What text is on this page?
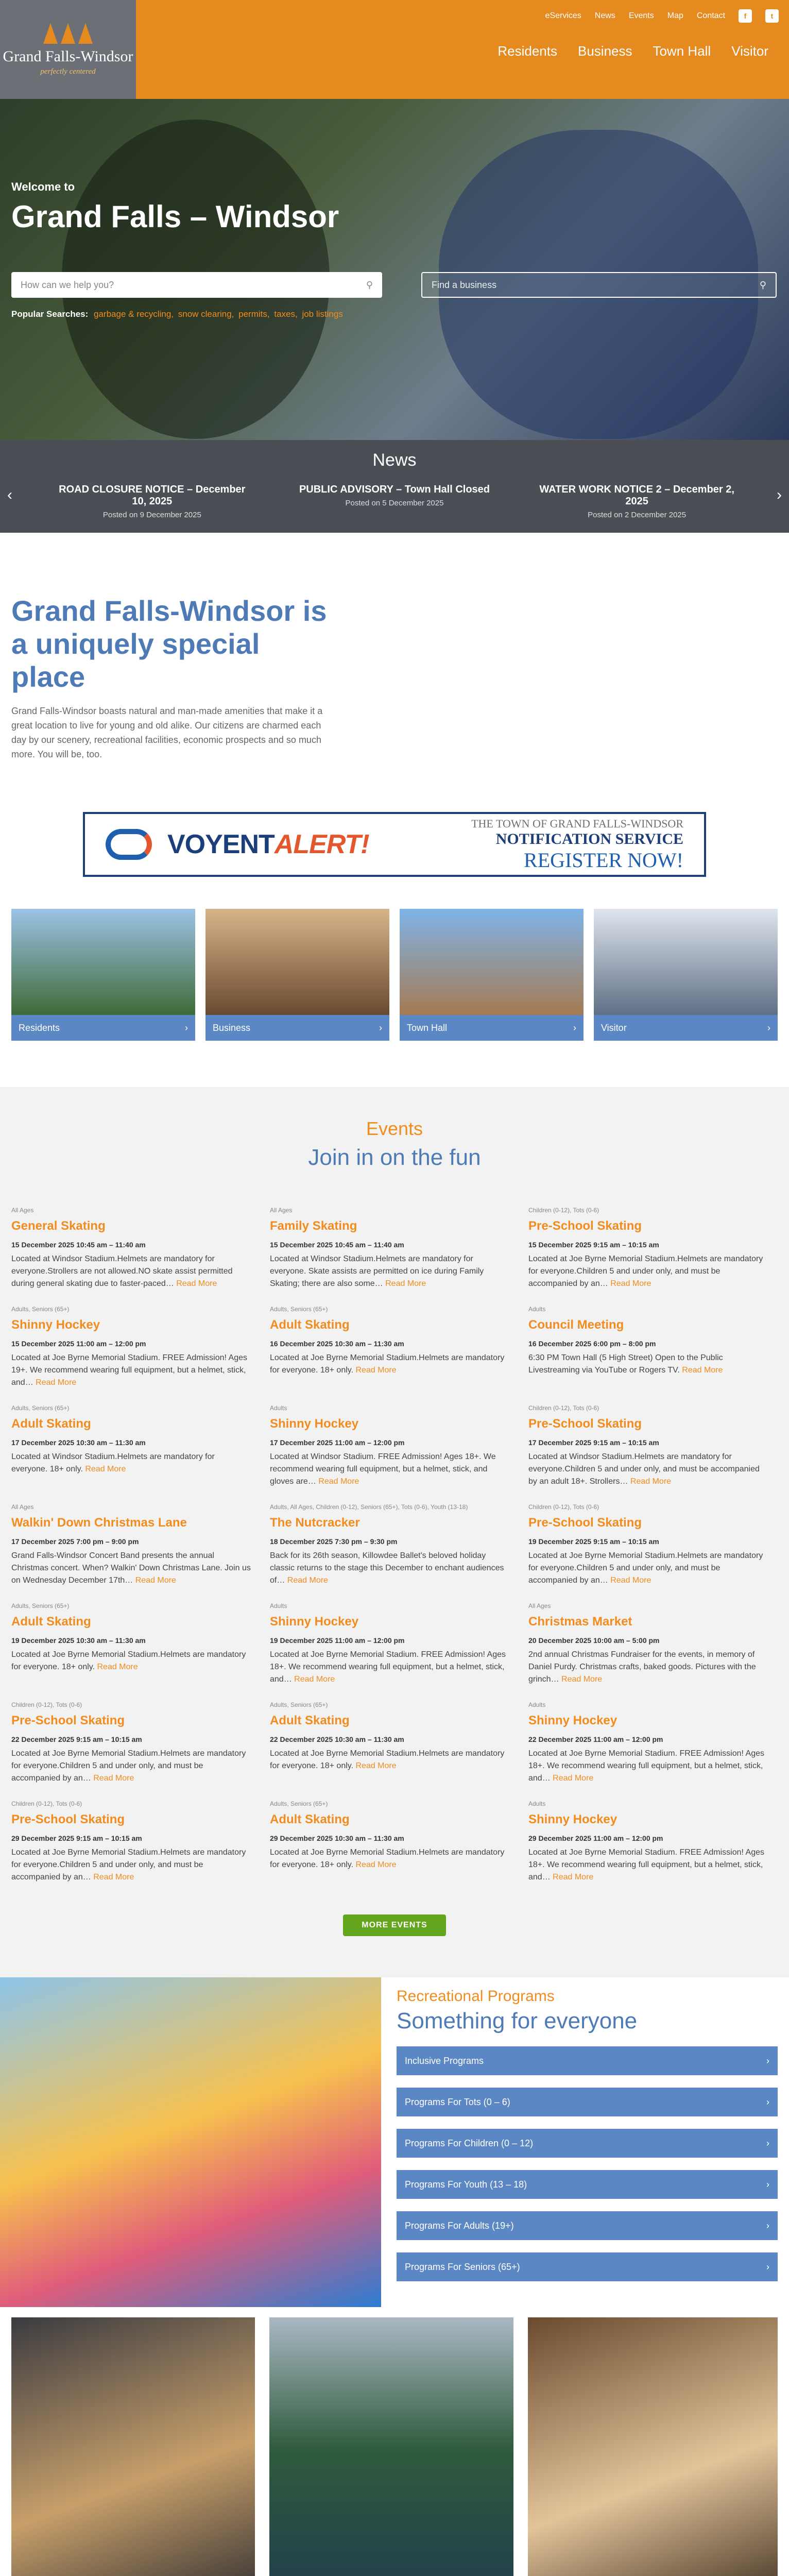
Grand Falls-Windsor
perfectly centered
eServices News Events Map Contact	f	t
Residents Business Town Hall Visitor
Welcome to
Grand Falls – Windsor
How can we help you?	⚲	Find a business	⚲
Popular Searches: garbage & recycling, snow clearing, permits, taxes, job listings
News
‹	›
ROAD CLOSURE NOTICE – December 10, 2025

Posted on 9 December 2025

PUBLIC ADVISORY – Town Hall Closed

Posted on 5 December 2025

WATER WORK NOTICE 2 – December 2, 2025

Posted on 2 December 2025

Grand Falls-Windsor is a uniquely special place

Grand Falls-Windsor boasts natural and man-made amenities that make it a great location to live for young and old alike. Our citizens are charmed each day by our scenery, recreational facilities, economic prospects and so much more. You will be, too.

VOYENTALERT!
THE TOWN OF GRAND FALLS-WINDSOR
NOTIFICATION SERVICE
REGISTER NOW!
Residents	›	Business	›	Town Hall	›	Visitor	›
Events
Join in on the fun
All Ages
General Skating
15 December 2025 10:45 am – 11:40 am
Located at Windsor Stadium.Helmets are mandatory for everyone.Strollers are not allowed.NO skate assist permitted during general skating due to faster-paced… Read More
All Ages
Family Skating
15 December 2025 10:45 am – 11:40 am
Located at Windsor Stadium.Helmets are mandatory for everyone. Skate assists are permitted on ice during Family Skating; there are also some… Read More
Children (0-12), Tots (0-6)
Pre-School Skating
15 December 2025 9:15 am – 10:15 am
Located at Joe Byrne Memorial Stadium.Helmets are mandatory for everyone.Children 5 and under only, and must be accompanied by an… Read More
Adults, Seniors (65+)
Shinny Hockey
15 December 2025 11:00 am – 12:00 pm
Located at Joe Byrne Memorial Stadium. FREE Admission! Ages 19+. We recommend wearing full equipment, but a helmet, stick, and… Read More
Adults, Seniors (65+)
Adult Skating
16 December 2025 10:30 am – 11:30 am
Located at Joe Byrne Memorial Stadium.Helmets are mandatory for everyone. 18+ only. Read More
Adults
Council Meeting
16 December 2025 6:00 pm – 8:00 pm
6:30 PM Town Hall (5 High Street) Open to the Public Livestreaming via YouTube or Rogers TV. Read More
Adults, Seniors (65+)
Adult Skating
17 December 2025 10:30 am – 11:30 am
Located at Windsor Stadium.Helmets are mandatory for everyone. 18+ only. Read More
Adults
Shinny Hockey
17 December 2025 11:00 am – 12:00 pm
Located at Windsor Stadium. FREE Admission! Ages 18+. We recommend wearing full equipment, but a helmet, stick, and gloves are… Read More
Children (0-12), Tots (0-6)
Pre-School Skating
17 December 2025 9:15 am – 10:15 am
Located at Windsor Stadium.Helmets are mandatory for everyone.Children 5 and under only, and must be accompanied by an adult 18+. Strollers… Read More
All Ages
Walkin' Down Christmas Lane
17 December 2025 7:00 pm – 9:00 pm
Grand Falls-Windsor Concert Band presents the annual Christmas concert. When? Walkin' Down Christmas Lane. Join us on Wednesday December 17th… Read More
Adults, All Ages, Children (0-12), Seniors (65+), Tots (0-6), Youth (13-18)
The Nutcracker
18 December 2025 7:30 pm – 9:30 pm
Back for its 26th season, Killowdee Ballet's beloved holiday classic returns to the stage this December to enchant audiences of… Read More
Children (0-12), Tots (0-6)
Pre-School Skating
19 December 2025 9:15 am – 10:15 am
Located at Joe Byrne Memorial Stadium.Helmets are mandatory for everyone.Children 5 and under only, and must be accompanied by an… Read More
Adults, Seniors (65+)
Adult Skating
19 December 2025 10:30 am – 11:30 am
Located at Joe Byrne Memorial Stadium.Helmets are mandatory for everyone. 18+ only. Read More
Adults
Shinny Hockey
19 December 2025 11:00 am – 12:00 pm
Located at Joe Byrne Memorial Stadium. FREE Admission! Ages 18+. We recommend wearing full equipment, but a helmet, stick, and… Read More
All Ages
Christmas Market
20 December 2025 10:00 am – 5:00 pm
2nd annual Christmas Fundraiser for the events, in memory of Daniel Purdy. Christmas crafts, baked goods. Pictures with the grinch… Read More
Children (0-12), Tots (0-6)
Pre-School Skating
22 December 2025 9:15 am – 10:15 am
Located at Joe Byrne Memorial Stadium.Helmets are mandatory for everyone.Children 5 and under only, and must be accompanied by an… Read More
Adults, Seniors (65+)
Adult Skating
22 December 2025 10:30 am – 11:30 am
Located at Joe Byrne Memorial Stadium.Helmets are mandatory for everyone. 18+ only. Read More
Adults
Shinny Hockey
22 December 2025 11:00 am – 12:00 pm
Located at Joe Byrne Memorial Stadium. FREE Admission! Ages 18+. We recommend wearing full equipment, but a helmet, stick, and… Read More
Children (0-12), Tots (0-6)
Pre-School Skating
29 December 2025 9:15 am – 10:15 am
Located at Joe Byrne Memorial Stadium.Helmets are mandatory for everyone.Children 5 and under only, and must be accompanied by an… Read More
Adults, Seniors (65+)
Adult Skating
29 December 2025 10:30 am – 11:30 am
Located at Joe Byrne Memorial Stadium.Helmets are mandatory for everyone. 18+ only. Read More
Adults
Shinny Hockey
29 December 2025 11:00 am – 12:00 pm
Located at Joe Byrne Memorial Stadium. FREE Admission! Ages 18+. We recommend wearing full equipment, but a helmet, stick, and… Read More
MORE EVENTS
Recreational Programs
Something for everyone
Inclusive Programs	›
Programs For Tots (0 – 6)	›
Programs For Children (0 – 12)	›
Programs For Youth (13 – 18)	›
Programs For Adults (19+)	›
Programs For Seniors (65+)	›
